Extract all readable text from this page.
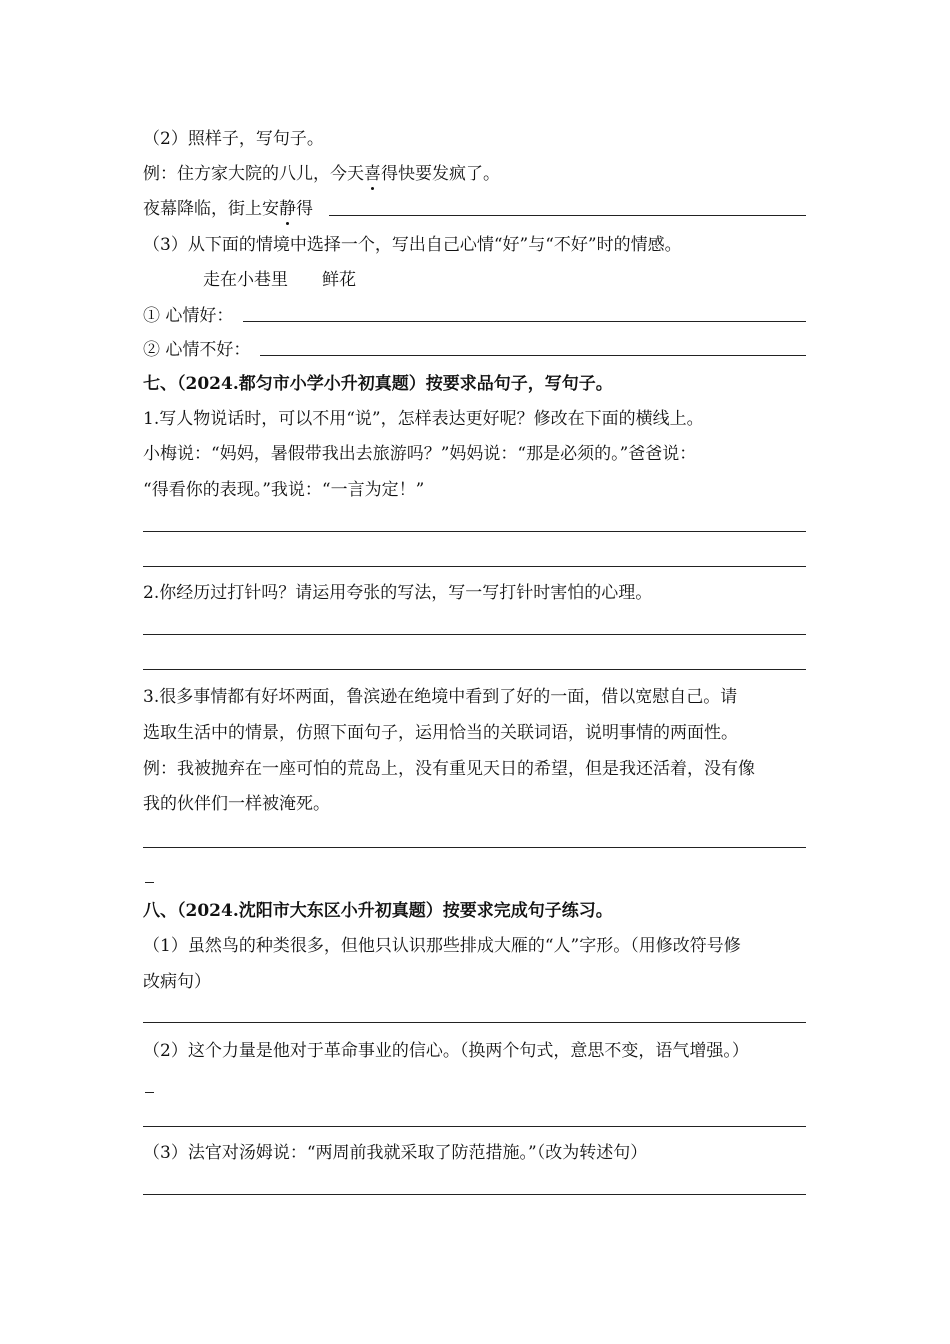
（2）照样子，写句子。
例：住方家大院的八儿，今天喜得快要发疯了。
夜幕降临，街上安静得
（3）从下面的情境中选择一个，写出自己心情“好”与“不好”时的情感。
走在小巷里 鲜花
① 心情好：
② 心情不好：
七、（2024.都匀市小学小升初真题）按要求品句子，写句子。
1.写人物说话时，可以不用“说”，怎样表达更好呢？修改在下面的横线上。
小梅说：“妈妈，暑假带我出去旅游吗？”妈妈说：“那是必须的。”爸爸说：
“得看你的表现。”我说：“一言为定！”
2.你经历过打针吗？请运用夸张的写法，写一写打针时害怕的心理。
3.很多事情都有好坏两面，鲁滨逊在绝境中看到了好的一面，借以宽慰自己。请
选取生活中的情景，仿照下面句子，运用恰当的关联词语，说明事情的两面性。
例：我被抛弃在一座可怕的荒岛上，没有重见天日的希望，但是我还活着，没有像
我的伙伴们一样被淹死。
八、（2024.沈阳市大东区小升初真题）按要求完成句子练习。
（1）虽然鸟的种类很多，但他只认识那些排成大雁的“人”字形。（用修改符号修
改病句）
（2）这个力量是他对于革命事业的信心。（换两个句式，意思不变，语气增强。）
（3）法官对汤姆说：“两周前我就采取了防范措施。”（改为转述句）
